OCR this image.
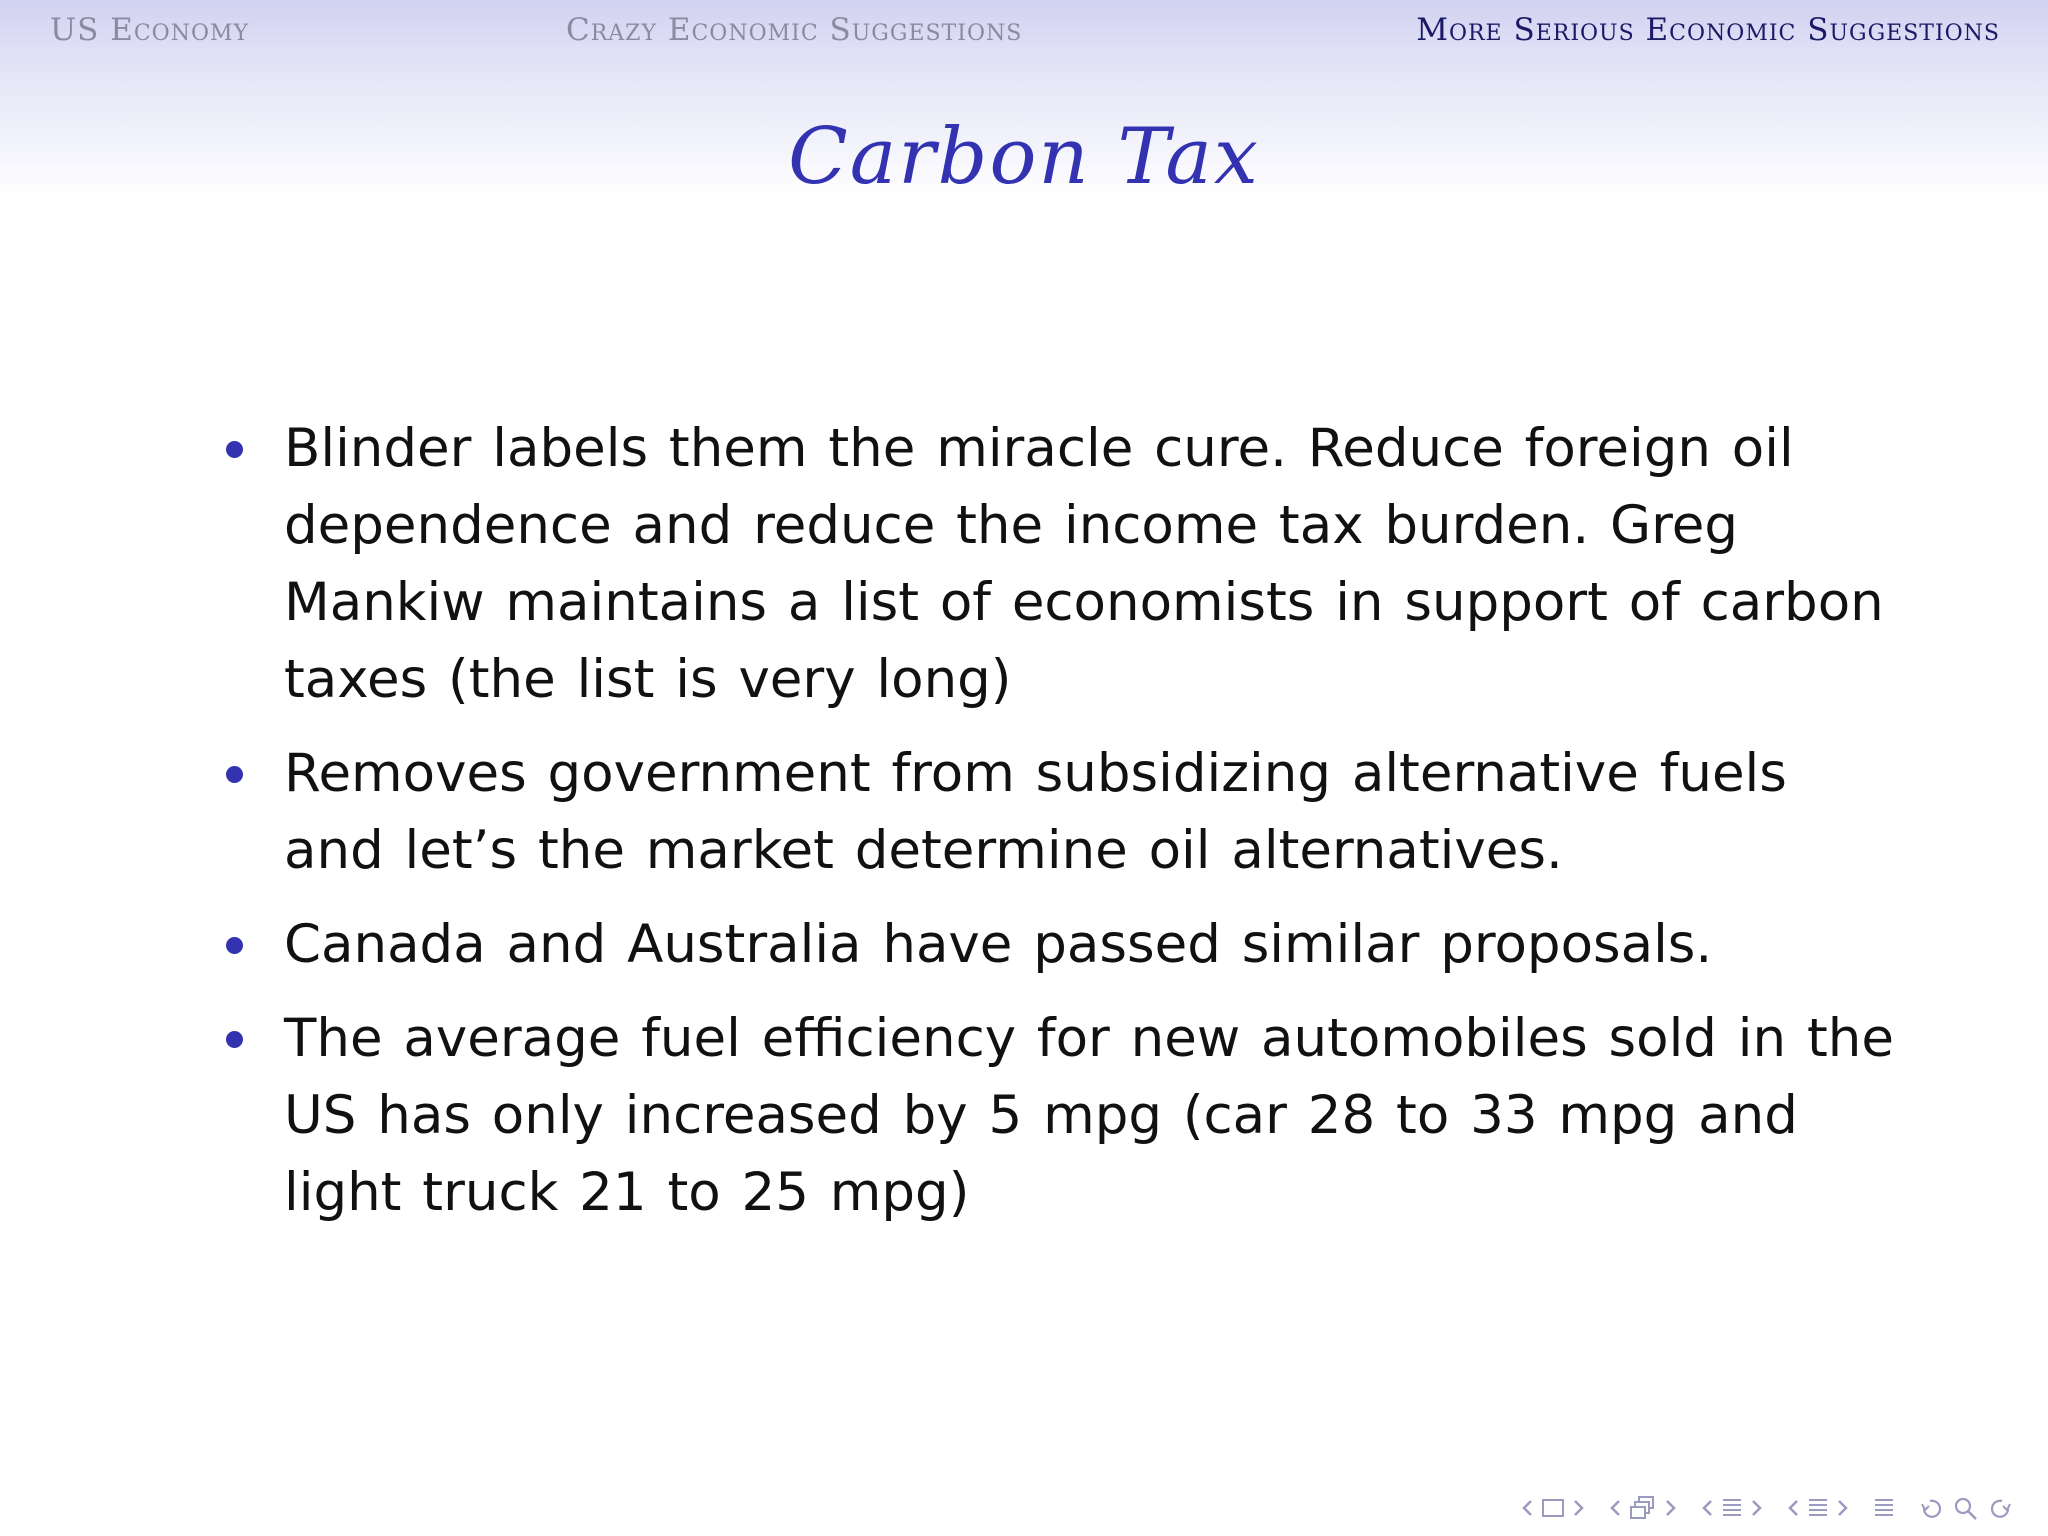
US Economy	Crazy Economic Suggestions	More Serious Economic Suggestions
Carbon Tax
Blinder labels them the miracle cure. Reduce foreign oil dependence and reduce the income tax burden. Greg Mankiw maintains a list of economists in support of carbon taxes (the list is very long)
Removes government from subsidizing alternative fuels and let’s the market determine oil alternatives.
Canada and Australia have passed similar proposals.
The average fuel efficiency for new automobiles sold in the US has only increased by 5 mpg (car 28 to 33 mpg and light truck 21 to 25 mpg)
